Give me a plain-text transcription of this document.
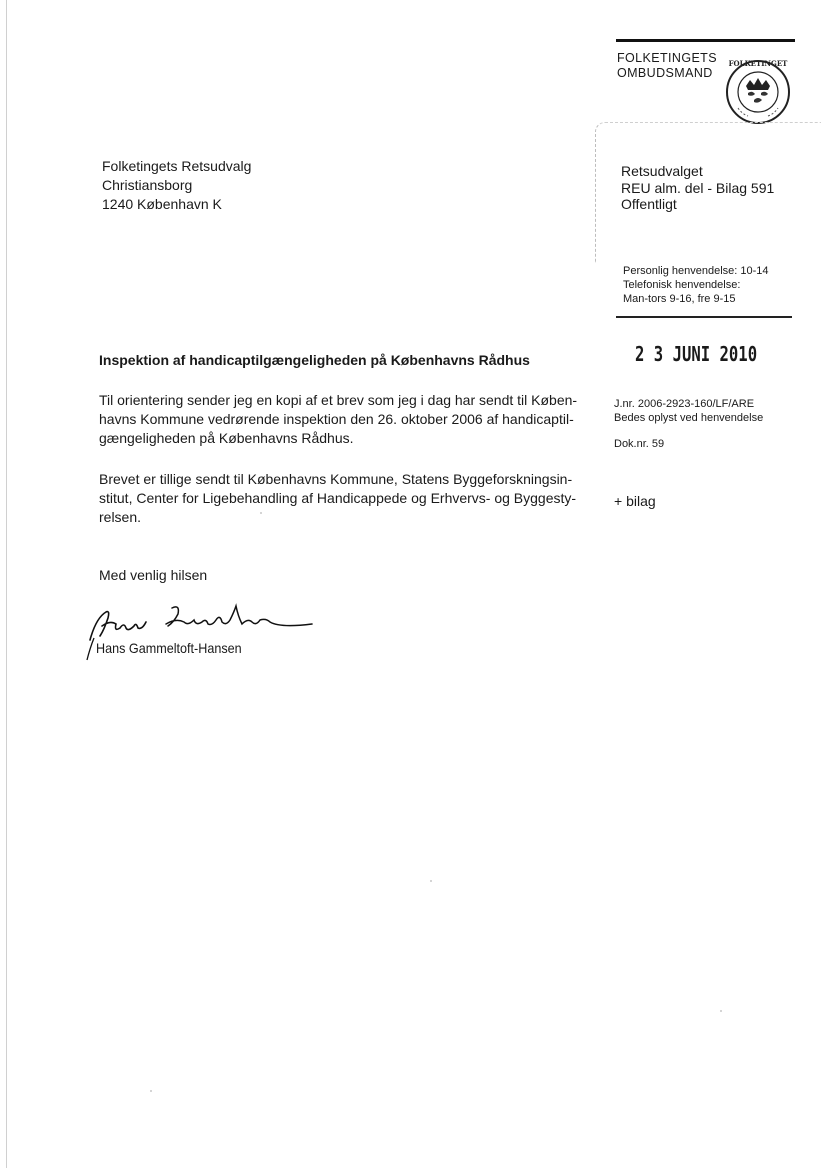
FOLKETINGETS
OMBUDSMAND
FOLKETINGET
Retsudvalget
REU alm. del - Bilag 591
Offentligt
Personlig henvendelse: 10-14
Telefonisk henvendelse:
Man-tors 9-16, fre 9-15
2 3 JUNI 2010
Folketingets Retsudvalg
Christiansborg
1240 København K
Inspektion af handicaptilgængeligheden på Københavns Rådhus
Til orientering sender jeg en kopi af et brev som jeg i dag har sendt til Køben-
havns Kommune vedrørende inspektion den 26. oktober 2006 af handicaptil-
gængeligheden på Københavns Rådhus.
Brevet er tillige sendt til Københavns Kommune, Statens Byggeforskningsin-
stitut, Center for Ligebehandling af Handicappede og Erhvervs- og Byggesty-
relsen.
Med venlig hilsen
Hans Gammeltoft-Hansen
J.nr. 2006-2923-160/LF/ARE
Bedes oplyst ved henvendelse
Dok.nr. 59
+ bilag
